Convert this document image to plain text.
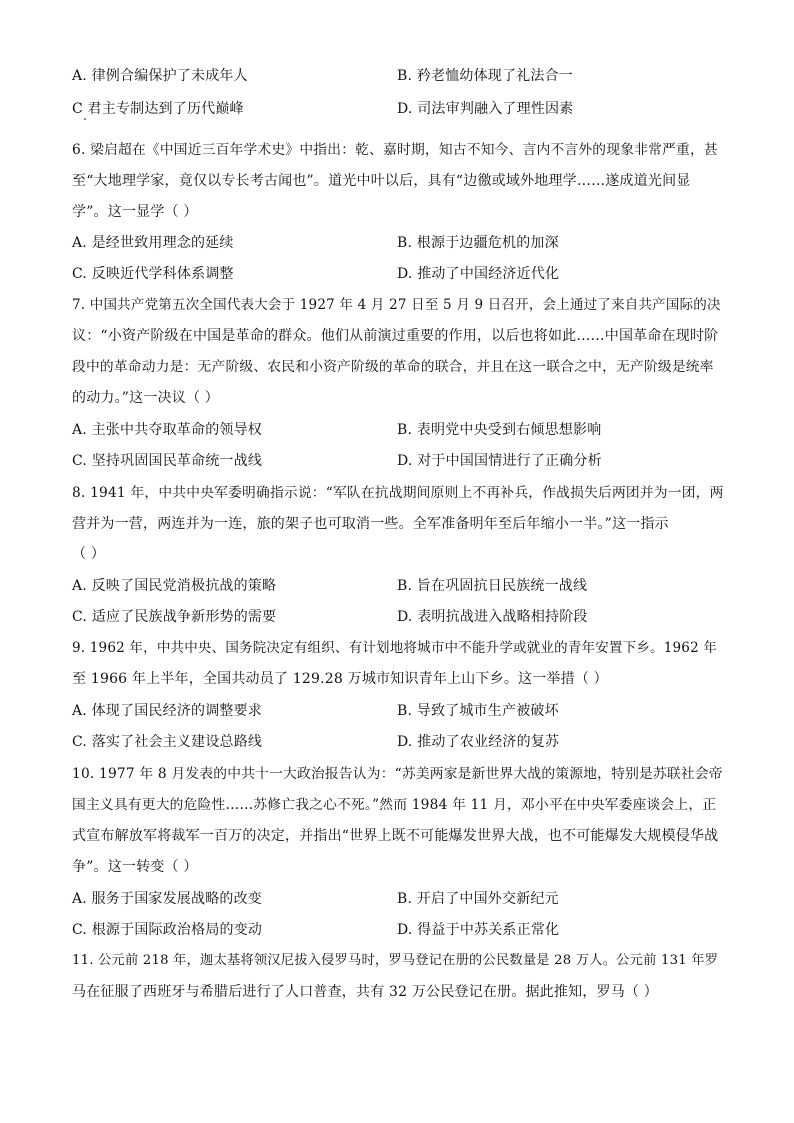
A. 律例合编保护了未成年人	B. 矜老恤幼体现了礼法合一
C 君主专制达到了历代巅峰	D. 司法审判融入了理性因素
6. 梁启超在《中国近三百年学术史》中指出：乾、嘉时期，知古不知今、言内不言外的现象非常严重，甚
至“大地理学家，竟仅以专长考古闻也”。道光中叶以后，具有“边徼或域外地理学……遂成道光间显
学”。这一显学（ ）
A. 是经世致用理念的延续	B. 根源于边疆危机的加深
C. 反映近代学科体系调整	D. 推动了中国经济近代化
7. 中国共产党第五次全国代表大会于 1927 年 4 月 27 日至 5 月 9 日召开，会上通过了来自共产国际的决
议：“小资产阶级在中国是革命的群众。他们从前演过重要的作用，以后也将如此……中国革命在现时阶
段中的革命动力是：无产阶级、农民和小资产阶级的革命的联合，并且在这一联合之中，无产阶级是统率
的动力。”这一决议（ ）
A. 主张中共夺取革命的领导权	B. 表明党中央受到右倾思想影响
C. 坚持巩固国民革命统一战线	D. 对于中国国情进行了正确分析
8. 1941 年，中共中央军委明确指示说：“军队在抗战期间原则上不再补兵，作战损失后两团并为一团，两
营并为一营，两连并为一连，旅的架子也可取消一些。全军准备明年至后年缩小一半。”这一指示
（ ）
A. 反映了国民党消极抗战的策略	B. 旨在巩固抗日民族统一战线
C. 适应了民族战争新形势的需要	D. 表明抗战进入战略相持阶段
9. 1962 年，中共中央、国务院决定有组织、有计划地将城市中不能升学或就业的青年安置下乡。1962 年
至 1966 年上半年，全国共动员了 129.28 万城市知识青年上山下乡。这一举措（ ）
A. 体现了国民经济的调整要求	B. 导致了城市生产被破坏
C. 落实了社会主义建设总路线	D. 推动了农业经济的复苏
10. 1977 年 8 月发表的中共十一大政治报告认为：“苏美两家是新世界大战的策源地，特别是苏联社会帝
国主义具有更大的危险性……苏修亡我之心不死。”然而 1984 年 11 月，邓小平在中央军委座谈会上，正
式宣布解放军将裁军一百万的决定，并指出“世界上既不可能爆发世界大战，也不可能爆发大规模侵华战
争”。这一转变（ ）
A. 服务于国家发展战略的改变	B. 开启了中国外交新纪元
C. 根源于国际政治格局的变动	D. 得益于中苏关系正常化
11. 公元前 218 年，迦太基将领汉尼拔入侵罗马时，罗马登记在册的公民数量是 28 万人。公元前 131 年罗
马在征服了西班牙与希腊后进行了人口普查，共有 32 万公民登记在册。据此推知，罗马（ ）
